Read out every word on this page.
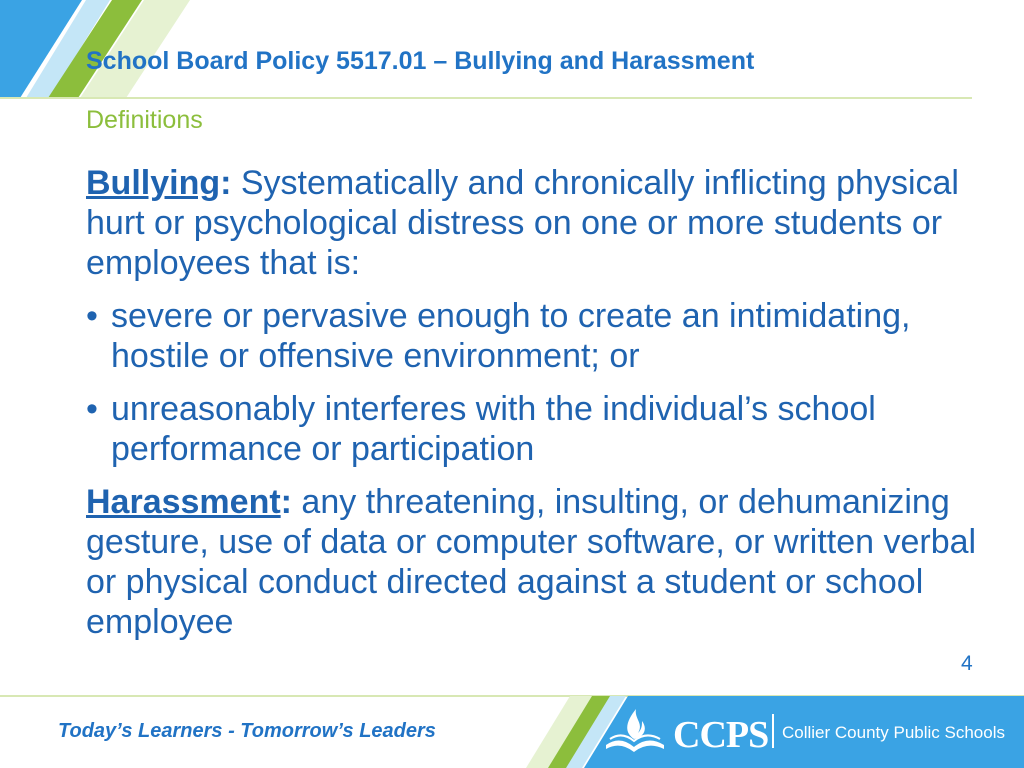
School Board Policy 5517.01 – Bullying and Harassment
Definitions

Bullying: Systematically and chronically inflicting physical hurt or psychological distress on one or more students or employees that is:

• severe or pervasive enough to create an intimidating, hostile or offensive environment; or
• unreasonably interferes with the individual’s school performance or participation

Harassment: any threatening, insulting, or dehumanizing gesture, use of data or computer software, or written verbal or physical conduct directed against a student or school employee

4
Today’s Learners - Tomorrow’s Leaders	CCPS Collier County Public Schools
